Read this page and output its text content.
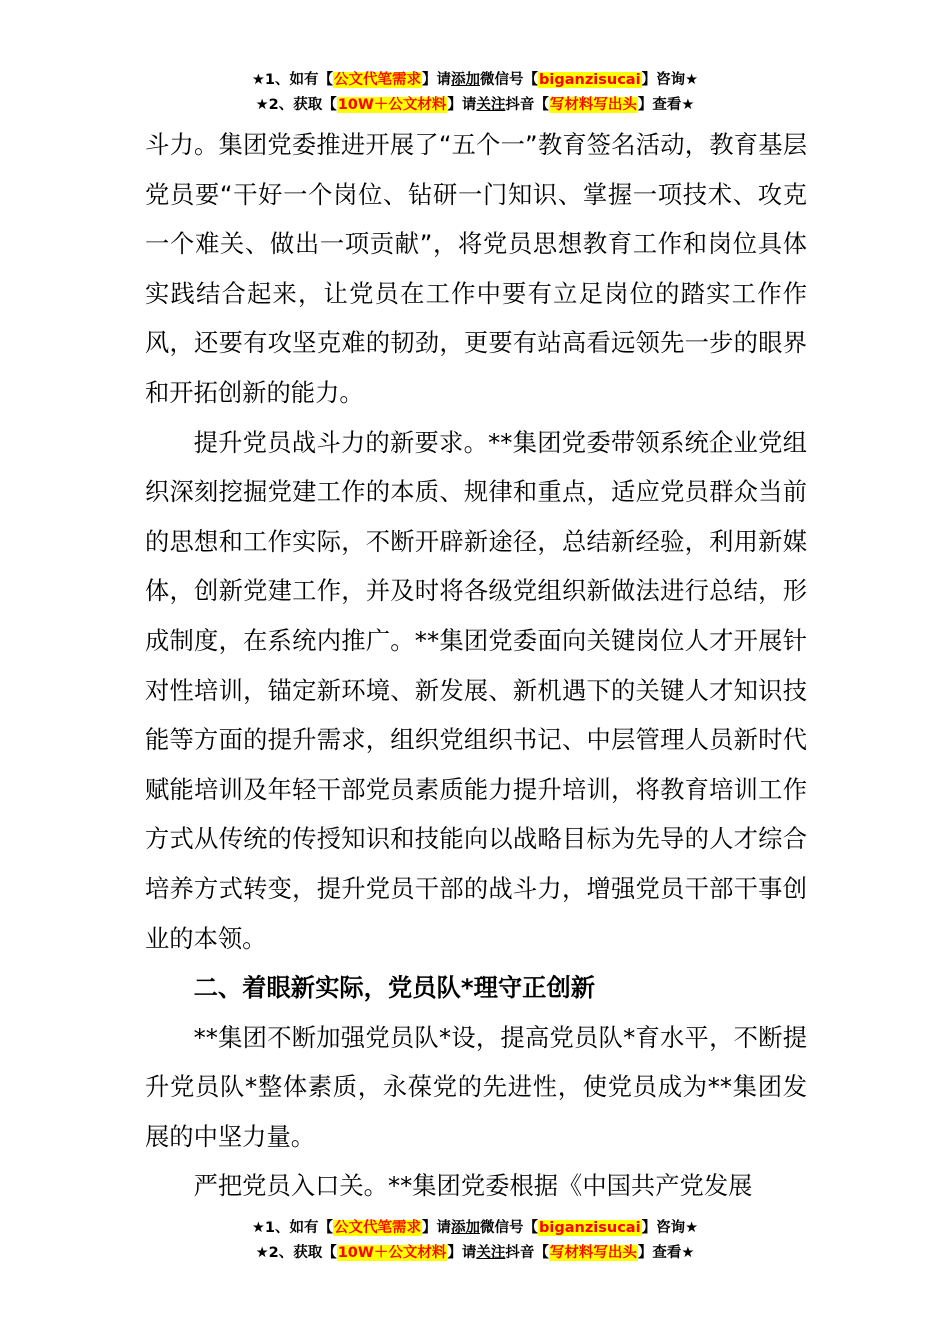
★1、如有【公文代笔需求】请添加微信号【biganzisucai】咨询★
★2、获取【10W＋公文材料】请关注抖音【写材料写出头】查看★

斗力。集团党委推进开展了“五个一”教育签名活动，教育基层党员要“干好一个岗位、钻研一门知识、掌握一项技术、攻克一个难关、做出一项贡献”，将党员思想教育工作和岗位具体实践结合起来，让党员在工作中要有立足岗位的踏实工作作风，还要有攻坚克难的韧劲，更要有站高看远领先一步的眼界和开拓创新的能力。

提升党员战斗力的新要求。**集团党委带领系统企业党组织深刻挖掘党建工作的本质、规律和重点，适应党员群众当前的思想和工作实际，不断开辟新途径，总结新经验，利用新媒体，创新党建工作，并及时将各级党组织新做法进行总结，形成制度，在系统内推广。**集团党委面向关键岗位人才开展针对性培训，锚定新环境、新发展、新机遇下的关键人才知识技能等方面的提升需求，组织党组织书记、中层管理人员新时代赋能培训及年轻干部党员素质能力提升培训，将教育培训工作方式从传统的传授知识和技能向以战略目标为先导的人才综合培养方式转变，提升党员干部的战斗力，增强党员干部干事创业的本领。

二、着眼新实际，党员队*理守正创新

**集团不断加强党员队*设，提高党员队*育水平，不断提升党员队*整体素质，永葆党的先进性，使党员成为**集团发展的中坚力量。

严把党员入口关。**集团党委根据《中国共产党发展

★1、如有【公文代笔需求】请添加微信号【biganzisucai】咨询★
★2、获取【10W＋公文材料】请关注抖音【写材料写出头】查看★
